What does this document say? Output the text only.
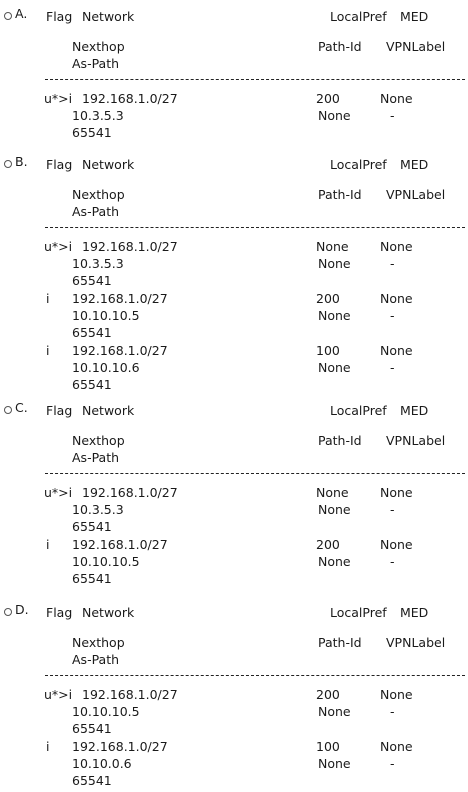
A. Flag Network	LocalPref MED
Nexthop	Path-Id VPNLabel
As-Path
u*>i 192.168.1.0/27	200	None
10.3.5.3	None	-
65541
B. Flag Network	LocalPref MED
Nexthop	Path-Id VPNLabel
As-Path
u*>i 192.168.1.0/27	None	None
10.3.5.3	None	-
65541
i 192.168.1.0/27	200	None
10.10.10.5	None	-
65541
i 192.168.1.0/27	100	None
10.10.10.6	None	-
65541
C. Flag Network	LocalPref MED
Nexthop	Path-Id VPNLabel
As-Path
u*>i 192.168.1.0/27	None	None
10.3.5.3	None	-
65541
i 192.168.1.0/27	200	None
10.10.10.5	None	-
65541
D. Flag Network	LocalPref MED
Nexthop	Path-Id VPNLabel
As-Path
u*>i 192.168.1.0/27	200	None
10.10.10.5	None	-
65541
i 192.168.1.0/27	100	None
10.10.0.6	None	-
65541
